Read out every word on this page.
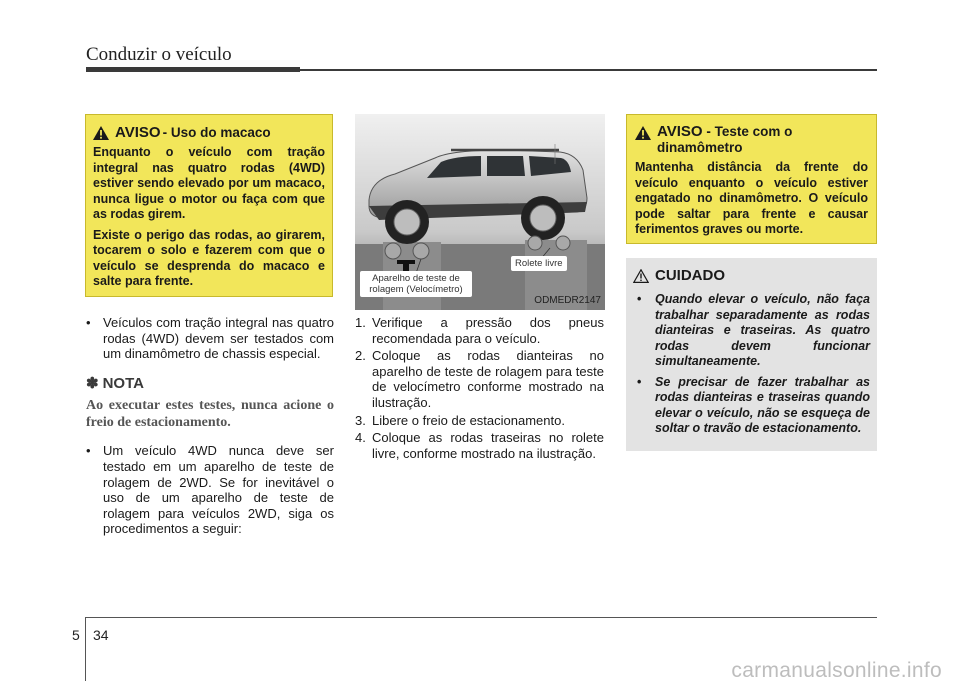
Conduzir o veículo
AVISO - Uso do macaco

Enquanto o veículo com tração integral nas quatro rodas (4WD) estiver sendo elevado por um macaco, nunca ligue o motor ou faça com que as rodas girem.

Existe o perigo das rodas, ao girarem, tocarem o solo e fazerem com que o veículo se desprenda do macaco e salte para frente.

• Veículos com tração integral nas quatro rodas (4WD) devem ser testados com um dinamômetro de chassis especial.
✽ NOTA
Ao executar estes testes, nunca acione o freio de estacionamento.
• Um veículo 4WD nunca deve ser testado em um aparelho de teste de rolagem de 2WD. Se for inevitável o uso de um aparelho de teste de rolagem para veículos 2WD, siga os procedimentos a seguir:
Aparelho de teste de rolagem (Velocímetro)
Rolete livre
ODMEDR2147
1. Verifique a pressão dos pneus recomendada para o veículo.
2. Coloque as rodas dianteiras no aparelho de teste de rolagem para teste de velocímetro conforme mostrado na ilustração.
3. Libere o freio de estacionamento.
4. Coloque as rodas traseiras no rolete livre, conforme mostrado na ilustração.
AVISO - Teste com o dinamômetro
Mantenha distância da frente do veículo enquanto o veículo estiver engatado no dinamômetro. O veículo pode saltar para frente e causar ferimentos graves ou morte.
CUIDADO
• Quando elevar o veículo, não faça trabalhar separadamente as rodas dianteiras e traseiras. As quatro rodas devem funcionar simultaneamente.
• Se precisar de fazer trabalhar as rodas dianteiras e traseiras quando elevar o veículo, não se esqueça de soltar o travão de estacionamento.
5 34
carmanualsonline.info
